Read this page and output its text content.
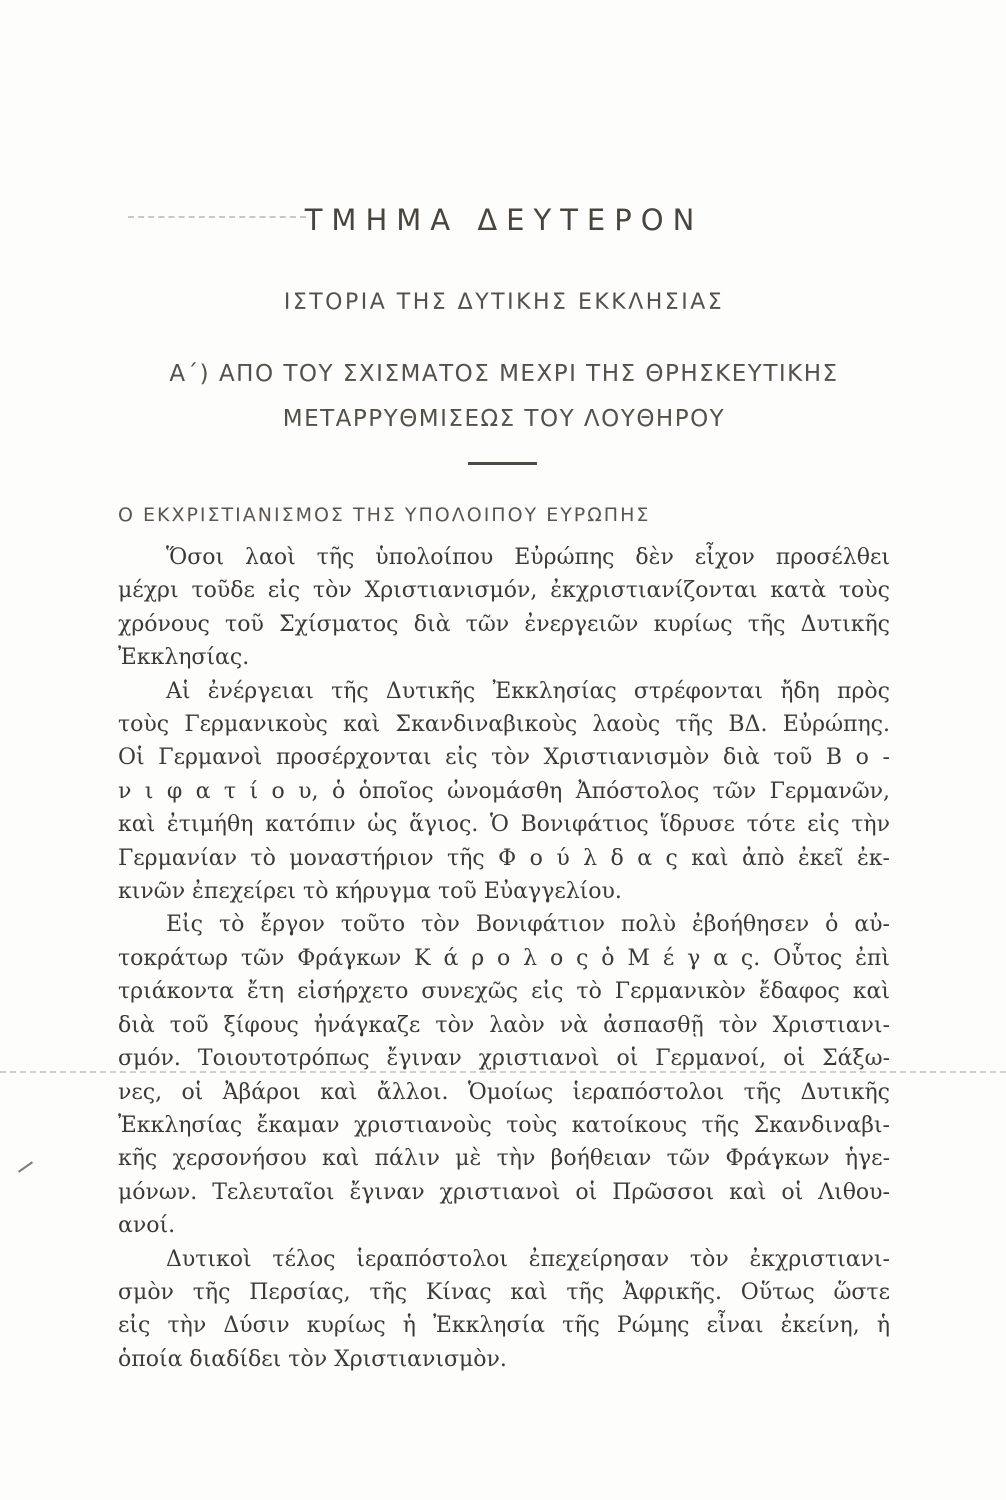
ΤΜΗΜΑ ΔΕΥΤΕΡΟΝ
ΙΣΤΟΡΙΑ ΤΗΣ ΔΥΤΙΚΗΣ ΕΚΚΛΗΣΙΑΣ
Α΄) ΑΠΟ ΤΟΥ ΣΧΙΣΜΑΤΟΣ ΜΕΧΡΙ ΤΗΣ ΘΡΗΣΚΕΥΤΙΚΗΣ
ΜΕΤΑΡΡΥΘΜΙΣΕΩΣ ΤΟΥ ΛΟΥΘΗΡΟΥ
Ο ΕΚΧΡΙΣΤΙΑΝΙΣΜΟΣ ΤΗΣ ΥΠΟΛΟΙΠΟΥ ΕΥΡΩΠΗΣ
Ὅσοι λαοὶ τῆς ὑπολοίπου Εὐρώπης δὲν εἶχον προσέλθει
μέχρι τοῦδε εἰς τὸν Χριστιανισμόν, ἐκχριστιανίζονται κατὰ τοὺς
χρόνους τοῦ Σχίσματος διὰ τῶν ἐνεργειῶν κυρίως τῆς Δυτικῆς
Ἐκκλησίας.
Αἱ ἐνέργειαι τῆς Δυτικῆς Ἐκκλησίας στρέφονται ἤδη πρὸς
τοὺς Γερμανικοὺς καὶ Σκανδιναβικοὺς λαοὺς τῆς ΒΔ. Εὐρώπης.
Οἱ Γερμανοὶ προσέρχονται εἰς τὸν Χριστιανισμὸν διὰ τοῦ Β ο -
ν ι φ α τ ί ο υ, ὁ ὁποῖος ὠνομάσθη Ἀπόστολος τῶν Γερμανῶν,
καὶ ἐτιμήθη κατόπιν ὡς ἅγιος. Ὁ Βονιφάτιος ἵδρυσε τότε εἰς τὴν
Γερμανίαν τὸ μοναστήριον τῆς Φ ο ύ λ δ α ς καὶ ἀπὸ ἐκεῖ ἐκ-
κινῶν ἐπεχείρει τὸ κήρυγμα τοῦ Εὐαγγελίου.
Εἰς τὸ ἔργον τοῦτο τὸν Βονιφάτιον πολὺ ἐβοήθησεν ὁ αὐ-
τοκράτωρ τῶν Φράγκων Κ ά ρ ο λ ο ς ὁ Μ έ γ α ς. Οὗτος ἐπὶ
τριάκοντα ἔτη εἰσήρχετο συνεχῶς εἰς τὸ Γερμανικὸν ἔδαφος καὶ
διὰ τοῦ ξίφους ἠνάγκαζε τὸν λαὸν νὰ ἀσπασθῇ τὸν Χριστιανι-
σμόν. Τοιουτοτρόπως ἔγιναν χριστιανοὶ οἱ Γερμανοί, οἱ Σάξω-
νες, οἱ Ἀβάροι καὶ ἄλλοι. Ὁμοίως ἱεραπόστολοι τῆς Δυτικῆς
Ἐκκλησίας ἔκαμαν χριστιανοὺς τοὺς κατοίκους τῆς Σκανδιναβι-
κῆς χερσονήσου καὶ πάλιν μὲ τὴν βοήθειαν τῶν Φράγκων ἡγε-
μόνων. Τελευταῖοι ἔγιναν χριστιανοὶ οἱ Πρῶσσοι καὶ οἱ Λιθου-
ανοί.
Δυτικοὶ τέλος ἱεραπόστολοι ἐπεχείρησαν τὸν ἐκχριστιανι-
σμὸν τῆς Περσίας, τῆς Κίνας καὶ τῆς Ἀφρικῆς. Οὕτως ὥστε
εἰς τὴν Δύσιν κυρίως ἡ Ἐκκλησία τῆς Ρώμης εἶναι ἐκείνη, ἡ
ὁποία διαδίδει τὸν Χριστιανισμὸν.
